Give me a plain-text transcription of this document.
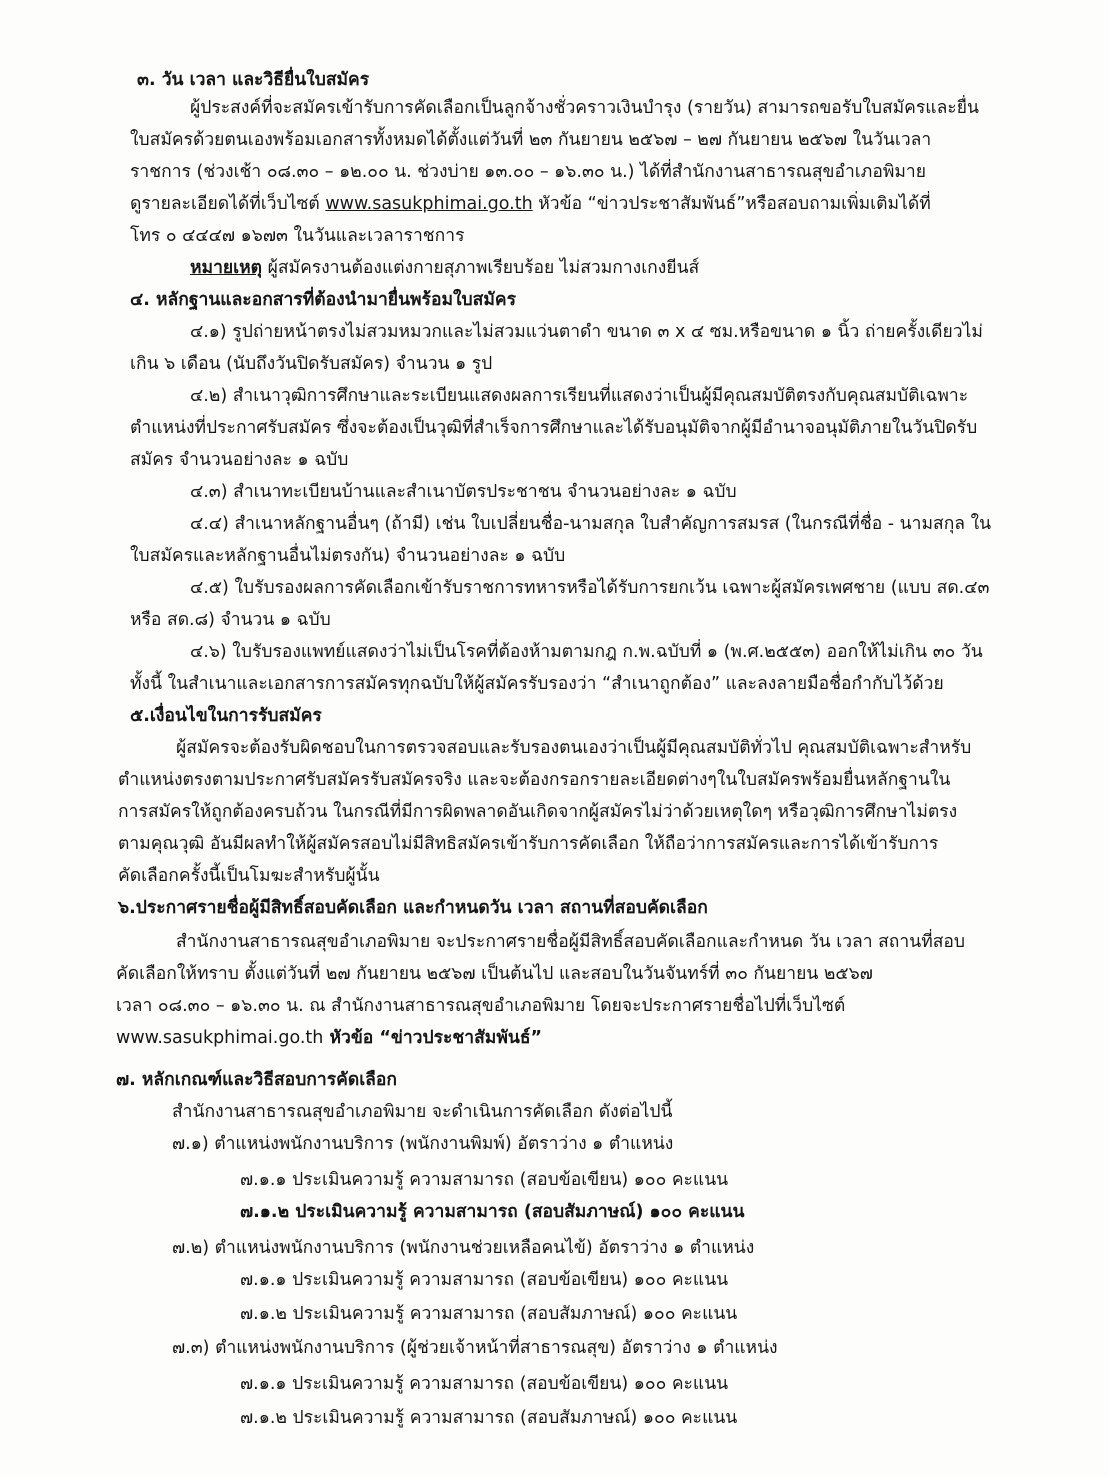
๓. วัน เวลา และวิธียื่นใบสมัคร
ผู้ประสงค์ที่จะสมัครเข้ารับการคัดเลือกเป็นลูกจ้างชั่วคราวเงินบำรุง (รายวัน) สามารถขอรับใบสมัครและยื่น
ใบสมัครด้วยตนเองพร้อมเอกสารทั้งหมดได้ตั้งแต่วันที่ ๒๓ กันยายน ๒๕๖๗ – ๒๗ กันยายน ๒๕๖๗ ในวันเวลา
ราชการ (ช่วงเช้า ๐๘.๓๐ – ๑๒.๐๐ น. ช่วงบ่าย ๑๓.๐๐ – ๑๖.๓๐ น.) ได้ที่สำนักงานสาธารณสุขอำเภอพิมาย
ดูรายละเอียดได้ที่เว็บไซต์ www.sasukphimai.go.th หัวข้อ “ข่าวประชาสัมพันธ์”หรือสอบถามเพิ่มเติมได้ที่
โทร ๐ ๔๔๔๗ ๑๖๗๓ ในวันและเวลาราชการ
หมายเหตุ ผู้สมัครงานต้องแต่งกายสุภาพเรียบร้อย ไม่สวมกางเกงยีนส์
๔. หลักฐานและอกสารที่ต้องนำมายื่นพร้อมใบสมัคร
๔.๑) รูปถ่ายหน้าตรงไม่สวมหมวกและไม่สวมแว่นตาดำ ขนาด ๓ x ๔ ซม.หรือขนาด ๑ นิ้ว ถ่ายครั้งเดียวไม่
เกิน ๖ เดือน (นับถึงวันปิดรับสมัคร) จำนวน ๑ รูป
๔.๒) สำเนาวุฒิการศึกษาและระเบียนแสดงผลการเรียนที่แสดงว่าเป็นผู้มีคุณสมบัติตรงกับคุณสมบัติเฉพาะ
ตำแหน่งที่ประกาศรับสมัคร ซึ่งจะต้องเป็นวุฒิที่สำเร็จการศึกษาและได้รับอนุมัติจากผู้มีอำนาจอนุมัติภายในวันปิดรับ
สมัคร จำนวนอย่างละ ๑ ฉบับ
๔.๓) สำเนาทะเบียนบ้านและสำเนาบัตรประชาชน จำนวนอย่างละ ๑ ฉบับ
๔.๔) สำเนาหลักฐานอื่นๆ (ถ้ามี) เช่น ใบเปลี่ยนชื่อ-นามสกุล ใบสำคัญการสมรส (ในกรณีที่ชื่อ - นามสกุล ใน
ใบสมัครและหลักฐานอื่นไม่ตรงกัน) จำนวนอย่างละ ๑ ฉบับ
๔.๕) ใบรับรองผลการคัดเลือกเข้ารับราชการทหารหรือได้รับการยกเว้น เฉพาะผู้สมัครเพศชาย (แบบ สด.๔๓
หรือ สด.๘) จำนวน ๑ ฉบับ
๔.๖) ใบรับรองแพทย์แสดงว่าไม่เป็นโรคที่ต้องห้ามตามกฎ ก.พ.ฉบับที่ ๑ (พ.ศ.๒๕๕๓) ออกให้ไม่เกิน ๓๐ วัน
ทั้งนี้ ในสำเนาและเอกสารการสมัครทุกฉบับให้ผู้สมัครรับรองว่า “สำเนาถูกต้อง” และลงลายมือชื่อกำกับไว้ด้วย
๕.เงื่อนไขในการรับสมัคร
ผู้สมัครจะต้องรับผิดชอบในการตรวจสอบและรับรองตนเองว่าเป็นผู้มีคุณสมบัติทั่วไป คุณสมบัติเฉพาะสำหรับ
ตำแหน่งตรงตามประกาศรับสมัครรับสมัครจริง และจะต้องกรอกรายละเอียดต่างๆในใบสมัครพร้อมยื่นหลักฐานใน
การสมัครให้ถูกต้องครบถ้วน ในกรณีที่มีการผิดพลาดอันเกิดจากผู้สมัครไม่ว่าด้วยเหตุใดๆ หรือวุฒิการศึกษาไม่ตรง
ตามคุณวุฒิ อันมีผลทำให้ผู้สมัครสอบไม่มีสิทธิสมัครเข้ารับการคัดเลือก ให้ถือว่าการสมัครและการได้เข้ารับการ
คัดเลือกครั้งนี้เป็นโมฆะสำหรับผู้นั้น
๖.ประกาศรายชื่อผู้มีสิทธิ์สอบคัดเลือก และกำหนดวัน เวลา สถานที่สอบคัดเลือก
สำนักงานสาธารณสุขอำเภอพิมาย จะประกาศรายชื่อผู้มีสิทธิ์สอบคัดเลือกและกำหนด วัน เวลา สถานที่สอบ
คัดเลือกให้ทราบ ตั้งแต่วันที่ ๒๗ กันยายน ๒๕๖๗ เป็นต้นไป และสอบในวันจันทร์ที่ ๓๐ กันยายน ๒๕๖๗
เวลา ๐๘.๓๐ – ๑๖.๓๐ น. ณ สำนักงานสาธารณสุขอำเภอพิมาย โดยจะประกาศรายชื่อไปที่เว็บไซต์
www.sasukphimai.go.th หัวข้อ “ข่าวประชาสัมพันธ์”
๗. หลักเกณฑ์และวิธีสอบการคัดเลือก
สำนักงานสาธารณสุขอำเภอพิมาย จะดำเนินการคัดเลือก ดังต่อไปนี้
๗.๑) ตำแหน่งพนักงานบริการ (พนักงานพิมพ์) อัตราว่าง ๑ ตำแหน่ง
๗.๑.๑ ประเมินความรู้ ความสามารถ (สอบข้อเขียน) ๑๐๐ คะแนน
๗.๑.๒ ประเมินความรู้ ความสามารถ (สอบสัมภาษณ์) ๑๐๐ คะแนน
๗.๒) ตำแหน่งพนักงานบริการ (พนักงานช่วยเหลือคนไข้) อัตราว่าง ๑ ตำแหน่ง
๗.๑.๑ ประเมินความรู้ ความสามารถ (สอบข้อเขียน) ๑๐๐ คะแนน
๗.๑.๒ ประเมินความรู้ ความสามารถ (สอบสัมภาษณ์) ๑๐๐ คะแนน
๗.๓) ตำแหน่งพนักงานบริการ (ผู้ช่วยเจ้าหน้าที่สาธารณสุข) อัตราว่าง ๑ ตำแหน่ง
๗.๑.๑ ประเมินความรู้ ความสามารถ (สอบข้อเขียน) ๑๐๐ คะแนน
๗.๑.๒ ประเมินความรู้ ความสามารถ (สอบสัมภาษณ์) ๑๐๐ คะแนน
